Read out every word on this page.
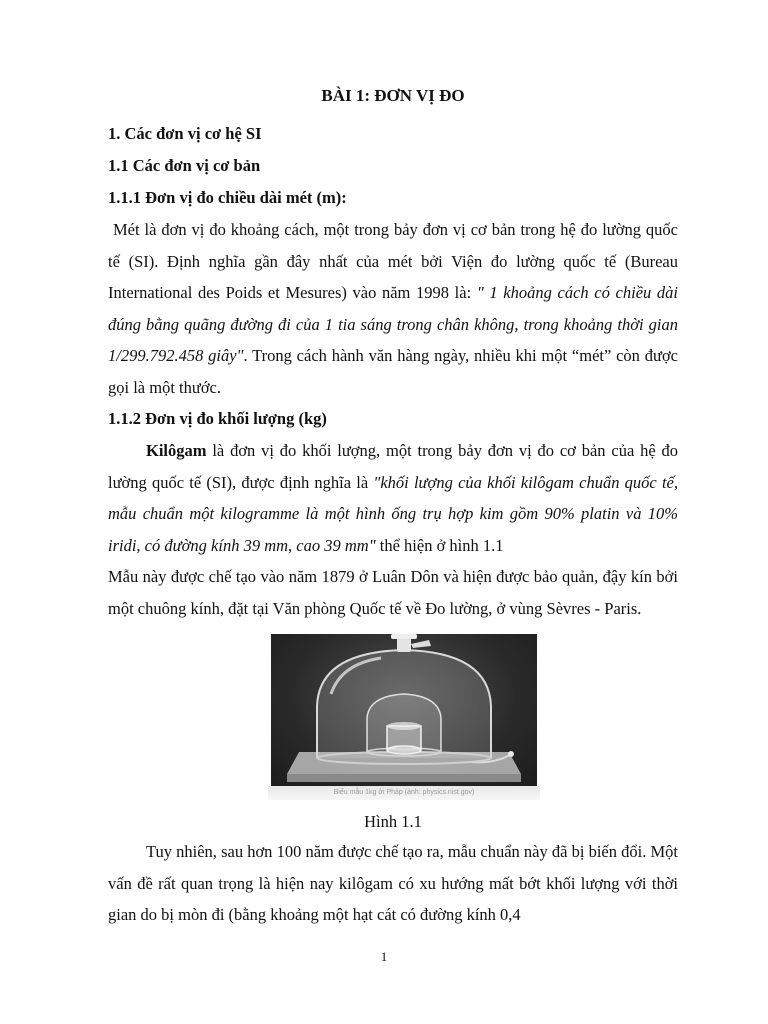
BÀI 1: ĐƠN VỊ ĐO
1. Các đơn vị cơ hệ SI
1.1 Các đơn vị cơ bản
1.1.1 Đơn vị đo chiều dài mét (m):

Mét là đơn vị đo khoảng cách, một trong bảy đơn vị cơ bản trong hệ đo lường quốc tế (SI). Định nghĩa gần đây nhất của mét bởi Viện đo lường quốc tế (Bureau International des Poids et Mesures) vào năm 1998 là: " 1 khoảng cách có chiều dài đúng bằng quãng đường đi của 1 tia sáng trong chân không, trong khoảng thời gian 1/299.792.458 giây". Trong cách hành văn hàng ngày, nhiều khi một “mét” còn được gọi là một thước.

1.1.2 Đơn vị đo khối lượng (kg)

Kilôgam là đơn vị đo khối lượng, một trong bảy đơn vị đo cơ bản của hệ đo lường quốc tế (SI), được định nghĩa là "khối lượng của khối kilôgam chuẩn quốc tế, mẫu chuẩn một kilogramme là một hình ống trụ hợp kim gồm 90% platin và 10% iridi, có đường kính 39 mm, cao 39 mm" thể hiện ở hình 1.1

Mẫu này được chế tạo vào năm 1879 ở Luân Dôn và hiện được bảo quản, đậy kín bởi một chuông kính, đặt tại Văn phòng Quốc tế về Đo lường, ở vùng Sèvres - Paris.

Biểu mẫu 1kg ởi Pháp (ảnh: physics.nist.gov)
Hình 1.1

Tuy nhiên, sau hơn 100 năm được chế tạo ra, mẫu chuẩn này đã bị biến đổi. Một vấn đề rất quan trọng là hiện nay kilôgam có xu hướng mất bớt khối lượng với thời gian do bị mòn đi (bằng khoảng một hạt cát có đường kính 0,4

1
